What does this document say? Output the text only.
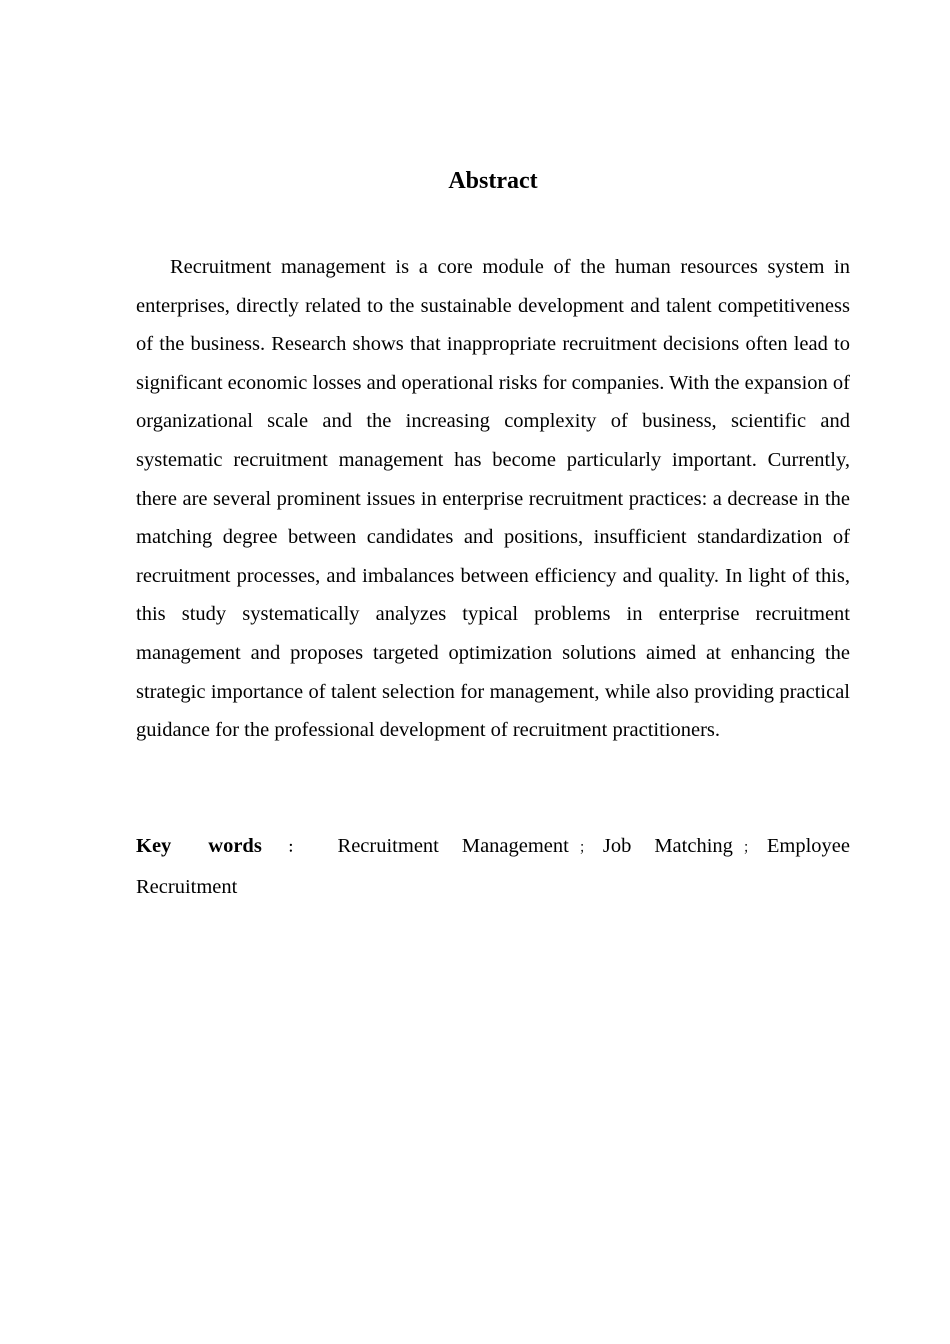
Abstract

Recruitment management is a core module of the human resources system in enterprises, directly related to the sustainable development and talent competitiveness of the business. Research shows that inappropriate recruitment decisions often lead to significant economic losses and operational risks for companies. With the expansion of organizational scale and the increasing complexity of business, scientific and systematic recruitment management has become particularly important. Currently, there are several prominent issues in enterprise recruitment practices: a decrease in the matching degree between candidates and positions, insufficient standardization of recruitment processes, and imbalances between efficiency and quality. In light of this, this study systematically analyzes typical problems in enterprise recruitment management and proposes targeted optimization solutions aimed at enhancing the strategic importance of talent selection for management, while also providing practical guidance for the professional development of recruitment practitioners.

Key words ： Recruitment Management ； Job Matching ； Employee Recruitment
